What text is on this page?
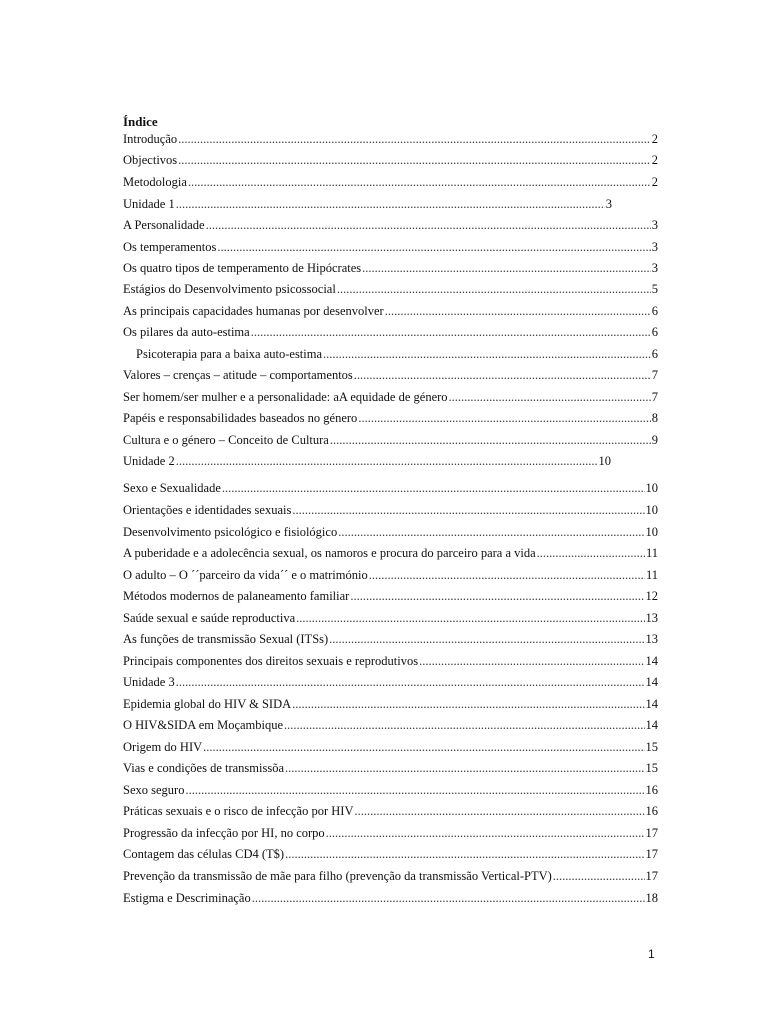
Índice
Introdução .....	2
Objectivos .....	2
Metodologia .....	2
Unidade 1 .....	3
A Personalidade .....	3
Os temperamentos .....	3
Os quatro tipos de temperamento de Hipócrates .....	3
Estágios do Desenvolvimento psicossocial .....	5
As principais capacidades humanas por desenvolver .....	6
Os pilares da auto-estima .....	6
Psicoterapia para a baixa auto-estima .....	6
Valores – crenças – atitude – comportamentos .....	7
Ser homem/ser mulher e a personalidade: aA equidade de género .....	7
Papéis e responsabilidades baseados no género .....	8
Cultura e o género – Conceito de Cultura .....	9
Unidade 2 .....	10
Sexo e Sexualidade .....	10
Orientações e identidades sexuais .....	10
Desenvolvimento psicológico e fisiológico .....	10
A puberidade e a adolecência sexual, os namoros e procura do parceiro para a vida .....	11
O adulto – O ´´parceiro da vida´´ e o matrimónio .....	11
Métodos modernos de palaneamento familiar .....	12
Saúde sexual e saúde reproductiva .....	13
As funções de transmissão Sexual (ITSs) .....	13
Principais componentes dos direitos sexuais e reprodutivos .....	14
Unidade 3 .....	14
Epidemia global do HIV & SIDA .....	14
O HIV&SIDA em Moçambique .....	14
Origem do HIV .....	15
Vias e condições de transmissõa .....	15
Sexo seguro .....	16
Práticas sexuais e o risco de infecção por HIV .....	16
Progressão da infecção por HI, no corpo .....	17
Contagem das células CD4 (T$) .....	17
Prevenção da transmissão de mãe para filho (prevenção da transmissão Vertical-PTV) .....	17
Estigma e Descriminação .....	18
1
